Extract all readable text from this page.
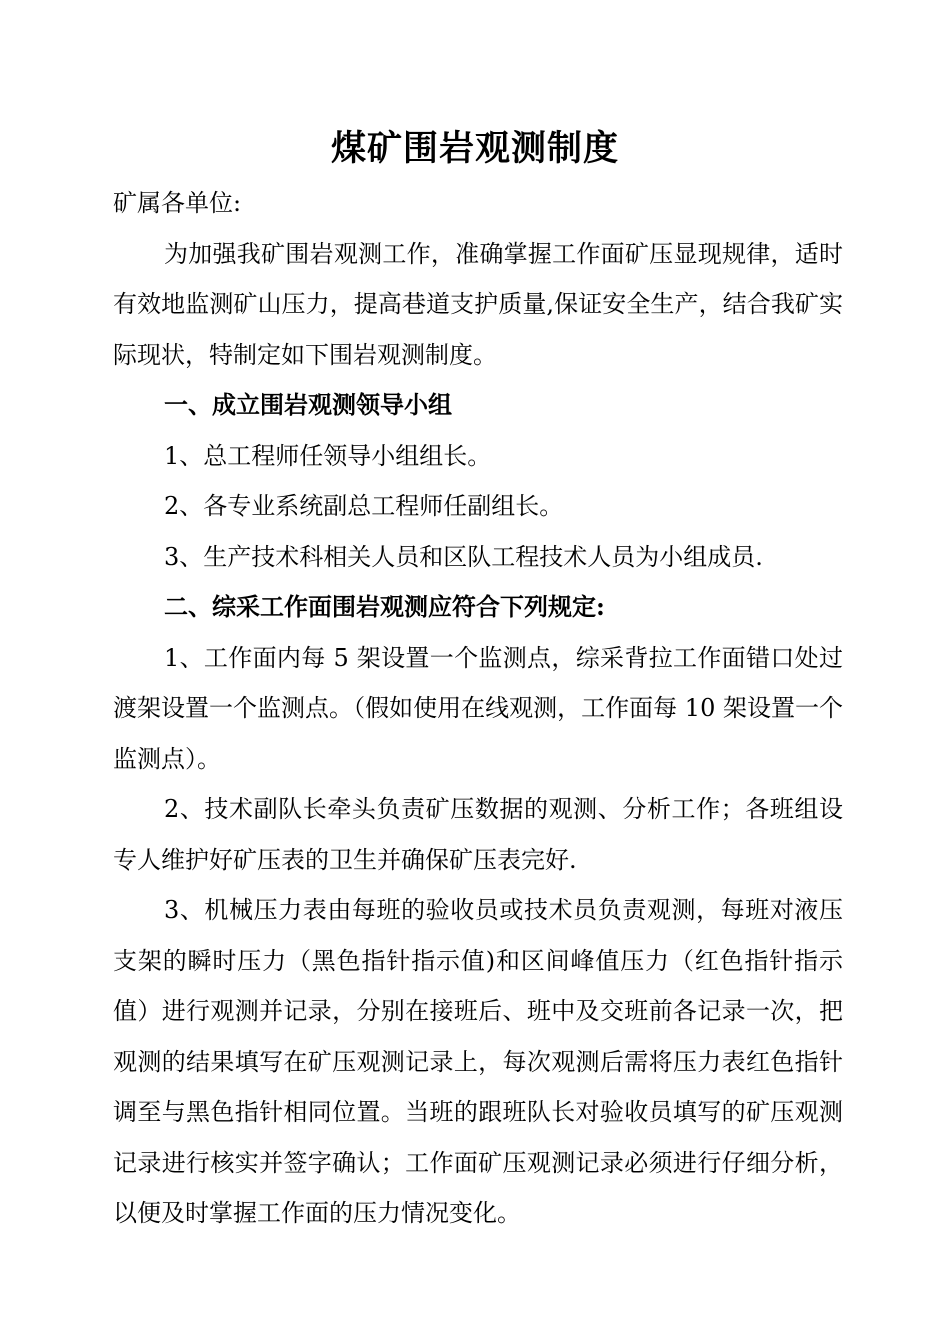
煤矿围岩观测制度

矿属各单位:

为加强我矿围岩观测工作，准确掌握工作面矿压显现规律，适时有效地监测矿山压力，提高巷道支护质量,保证安全生产，结合我矿实际现状，特制定如下围岩观测制度。

一、成立围岩观测领导小组

1、总工程师任领导小组组长。

2、各专业系统副总工程师任副组长。

3、生产技术科相关人员和区队工程技术人员为小组成员.

二、综采工作面围岩观测应符合下列规定:

1、工作面内每 5 架设置一个监测点，综采背拉工作面错口处过渡架设置一个监测点。（假如使用在线观测，工作面每 10 架设置一个监测点）。

2、技术副队长牵头负责矿压数据的观测、分析工作；各班组设专人维护好矿压表的卫生并确保矿压表完好.

3、机械压力表由每班的验收员或技术员负责观测，每班对液压支架的瞬时压力（黑色指针指示值)和区间峰值压力（红色指针指示值）进行观测并记录，分别在接班后、班中及交班前各记录一次，把观测的结果填写在矿压观测记录上，每次观测后需将压力表红色指针调至与黑色指针相同位置。当班的跟班队长对验收员填写的矿压观测记录进行核实并签字确认；工作面矿压观测记录必须进行仔细分析，以便及时掌握工作面的压力情况变化。
